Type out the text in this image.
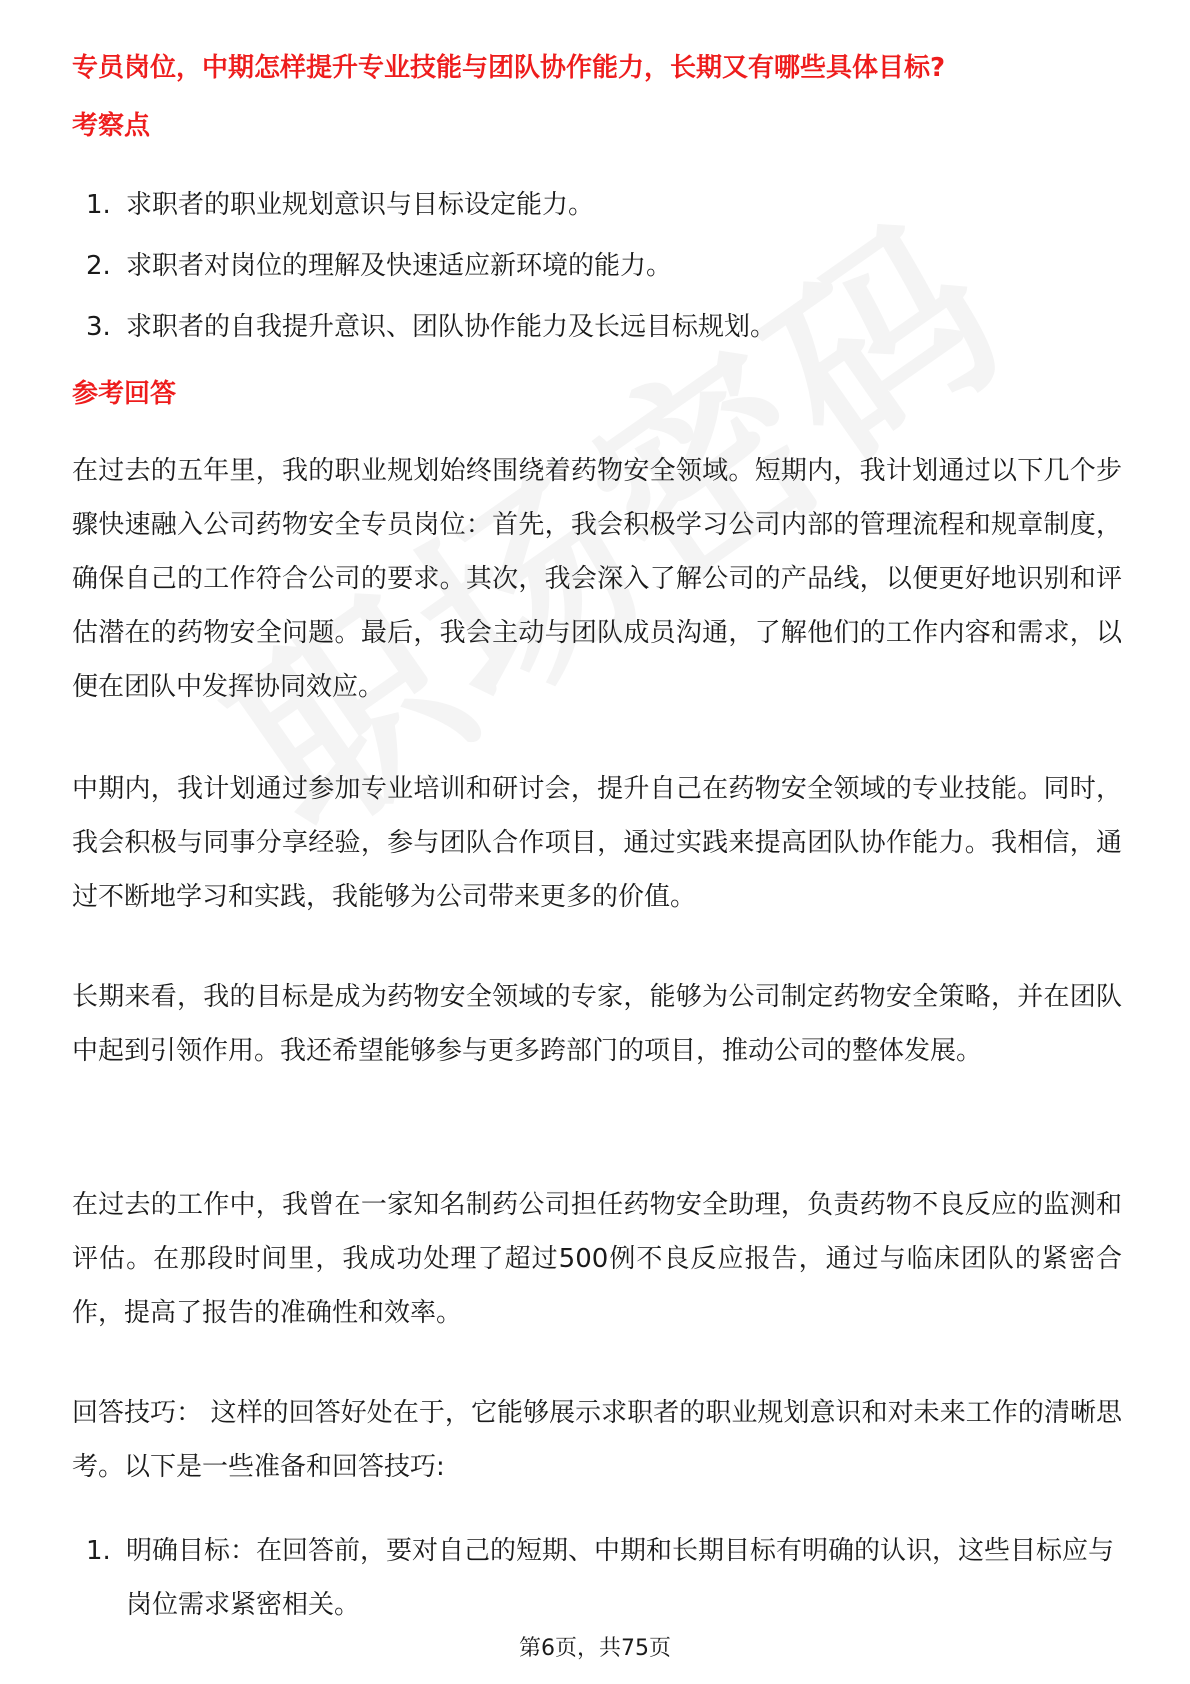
专员岗位，中期怎样提升专业技能与团队协作能力，长期又有哪些具体目标?
考察点
1. 求职者的职业规划意识与目标设定能力。
2. 求职者对岗位的理解及快速适应新环境的能力。
3. 求职者的自我提升意识、团队协作能力及长远目标规划。
参考回答

在过去的五年里，我的职业规划始终围绕着药物安全领域。短期内，我计划通过以下几个步骤快速融入公司药物安全专员岗位：首先，我会积极学习公司内部的管理流程和规章制度，确保自己的工作符合公司的要求。其次，我会深入了解公司的产品线，以便更好地识别和评估潜在的药物安全问题。最后，我会主动与团队成员沟通，了解他们的工作内容和需求，以便在团队中发挥协同效应。

中期内，我计划通过参加专业培训和研讨会，提升自己在药物安全领域的专业技能。同时，我会积极与同事分享经验，参与团队合作项目，通过实践来提高团队协作能力。我相信，通过不断地学习和实践，我能够为公司带来更多的价值。

长期来看，我的目标是成为药物安全领域的专家，能够为公司制定药物安全策略，并在团队中起到引领作用。我还希望能够参与更多跨部门的项目，推动公司的整体发展。

在过去的工作中，我曾在一家知名制药公司担任药物安全助理，负责药物不良反应的监测和评估。在那段时间里，我成功处理了超过500例不良反应报告，通过与临床团队的紧密合作，提高了报告的准确性和效率。

回答技巧： 这样的回答好处在于，它能够展示求职者的职业规划意识和对未来工作的清晰思考。以下是一些准备和回答技巧:

1. 明确目标：在回答前，要对自己的短期、中期和长期目标有明确的认识，这些目标应与岗位需求紧密相关。
第6页，共75页
